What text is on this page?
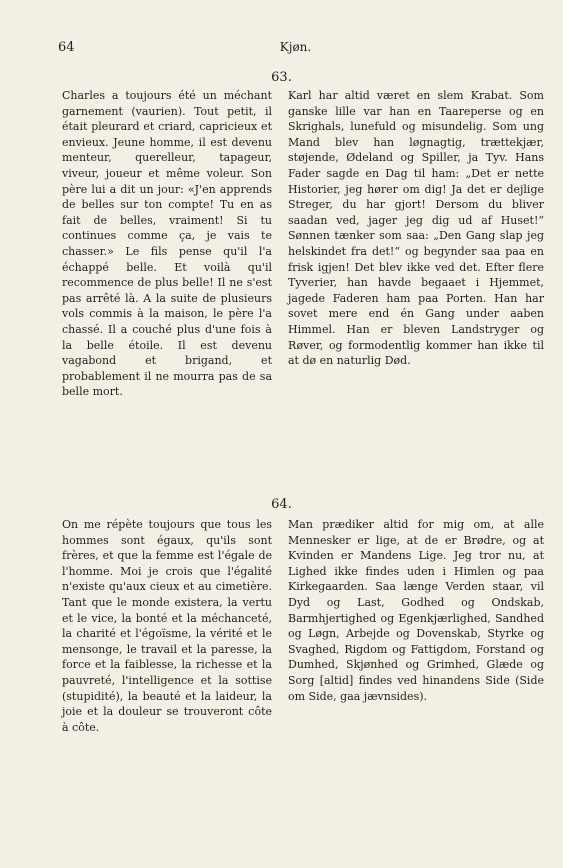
64	Kjøn.
63.

Charles a toujours été un méchant garnement (vaurien). Tout petit, il était pleurard et criard, capricieux et envieux. Jeune homme, il est devenu menteur, querelleur, tapageur, viveur, joueur et même voleur. Son père lui a dit un jour: «J'en apprends de belles sur ton compte! Tu en as fait de belles, vraiment! Si tu continues comme ça, je vais te chasser.» Le fils pense qu'il l'a échappé belle. Et voilà qu'il recommence de plus belle! Il ne s'est pas arrêté là. A la suite de plusieurs vols commis à la maison, le père l'a chassé. Il a couché plus d'une fois à la belle étoile. Il est devenu vagabond et brigand, et probablement il ne mourra pas de sa belle mort.

Karl har altid været en slem Krabat. Som ganske lille var han en Taareperse og en Skrighals, lunefuld og misundelig. Som ung Mand blev han løgnagtig, trættekjær, støjende, Ødeland og Spiller, ja Tyv. Hans Fader sagde en Dag til ham: „Det er nette Historier, jeg hører om dig! Ja det er dejlige Streger, du har gjort! Dersom du bliver saadan ved, jager jeg dig ud af Huset!“ Sønnen tænker som saa: „Den Gang slap jeg helskindet fra det!“ og begynder saa paa en frisk igjen! Det blev ikke ved det. Efter flere Tyverier, han havde begaaet i Hjemmet, jagede Faderen ham paa Porten. Han har sovet mere end én Gang under aaben Himmel. Han er bleven Landstryger og Røver, og formodentlig kommer han ikke til at dø en naturlig Død.

64.

On me répète toujours que tous les hommes sont égaux, qu'ils sont frères, et que la femme est l'égale de l'homme. Moi je crois que l'égalité n'existe qu'aux cieux et au cimetière. Tant que le monde existera, la vertu et le vice, la bonté et la méchanceté, la charité et l'égoïsme, la vérité et le mensonge, le travail et la paresse, la force et la faiblesse, la richesse et la pauvreté, l'intelligence et la sottise (stupidité), la beauté et la laideur, la joie et la douleur se trouveront côte à côte.

Man prædiker altid for mig om, at alle Mennesker er lige, at de er Brødre, og at Kvinden er Mandens Lige. Jeg tror nu, at Lighed ikke findes uden i Himlen og paa Kirkegaarden. Saa længe Verden staar, vil Dyd og Last, Godhed og Ondskab, Barmhjertighed og Egenkjærlighed, Sandhed og Løgn, Arbejde og Dovenskab, Styrke og Svaghed, Rigdom og Fattigdom, Forstand og Dumhed, Skjønhed og Grimhed, Glæde og Sorg [altid] findes ved hinandens Side (Side om Side, gaa jævnsides).
